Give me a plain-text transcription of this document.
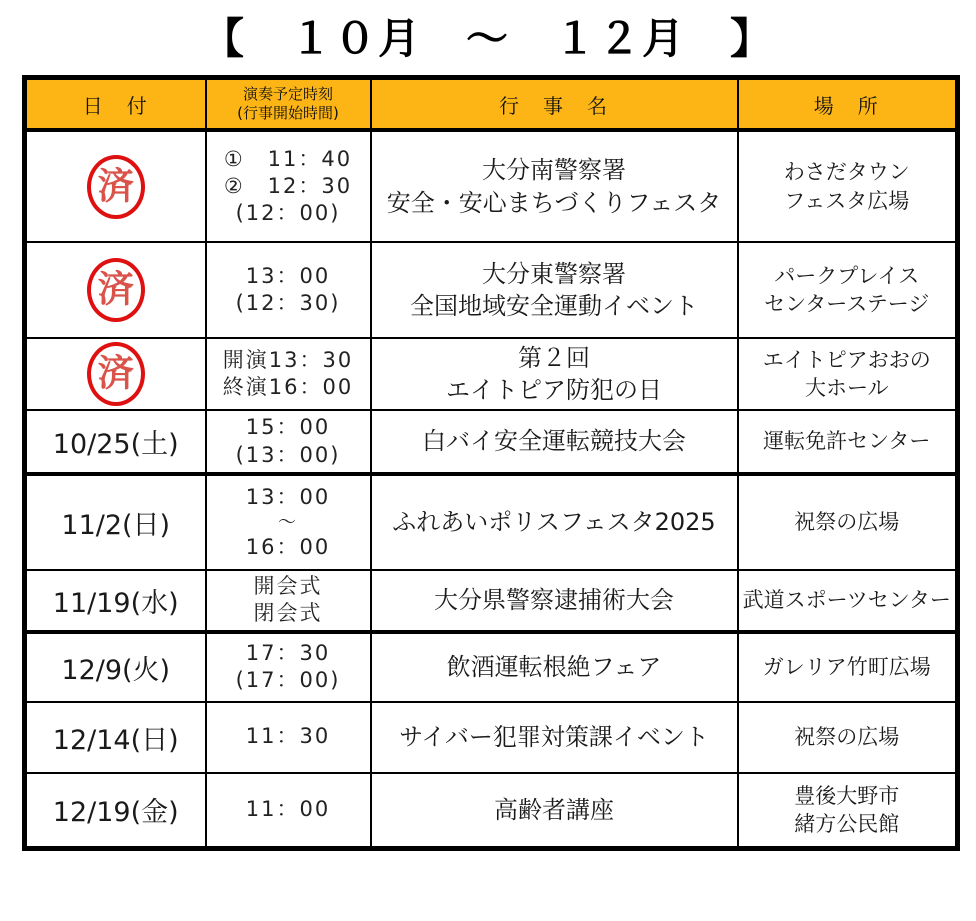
【　１０月　～　１２月　】
日　付	演奏予定時刻
(行事開始時間)	行　事　名	場　所

済	①　11：40
②　12：30
(12：00)	大分南警察署
安全・安心まちづくりフェスタ	わさだタウン
フェスタ広場

済	13：00
(12：30)	大分東警察署
全国地域安全運動イベント	パークプレイス
センターステージ

済	開演13：30
終演16：00	第２回
エイトピア防犯の日	エイトピアおおの
大ホール

10/25(土)	15：00
(13：00)	白バイ安全運転競技大会	運転免許センター

11/2(日)	13：00
～
16：00	ふれあいポリスフェスタ2025	祝祭の広場

11/19(水)	開会式
閉会式	大分県警察逮捕術大会	武道スポーツセンター

12/9(火)	17：30
(17：00)	飲酒運転根絶フェア	ガレリア竹町広場

12/14(日)	11：30	サイバー犯罪対策課イベント	祝祭の広場

12/19(金)	11：00	高齢者講座	豊後大野市
緒方公民館
